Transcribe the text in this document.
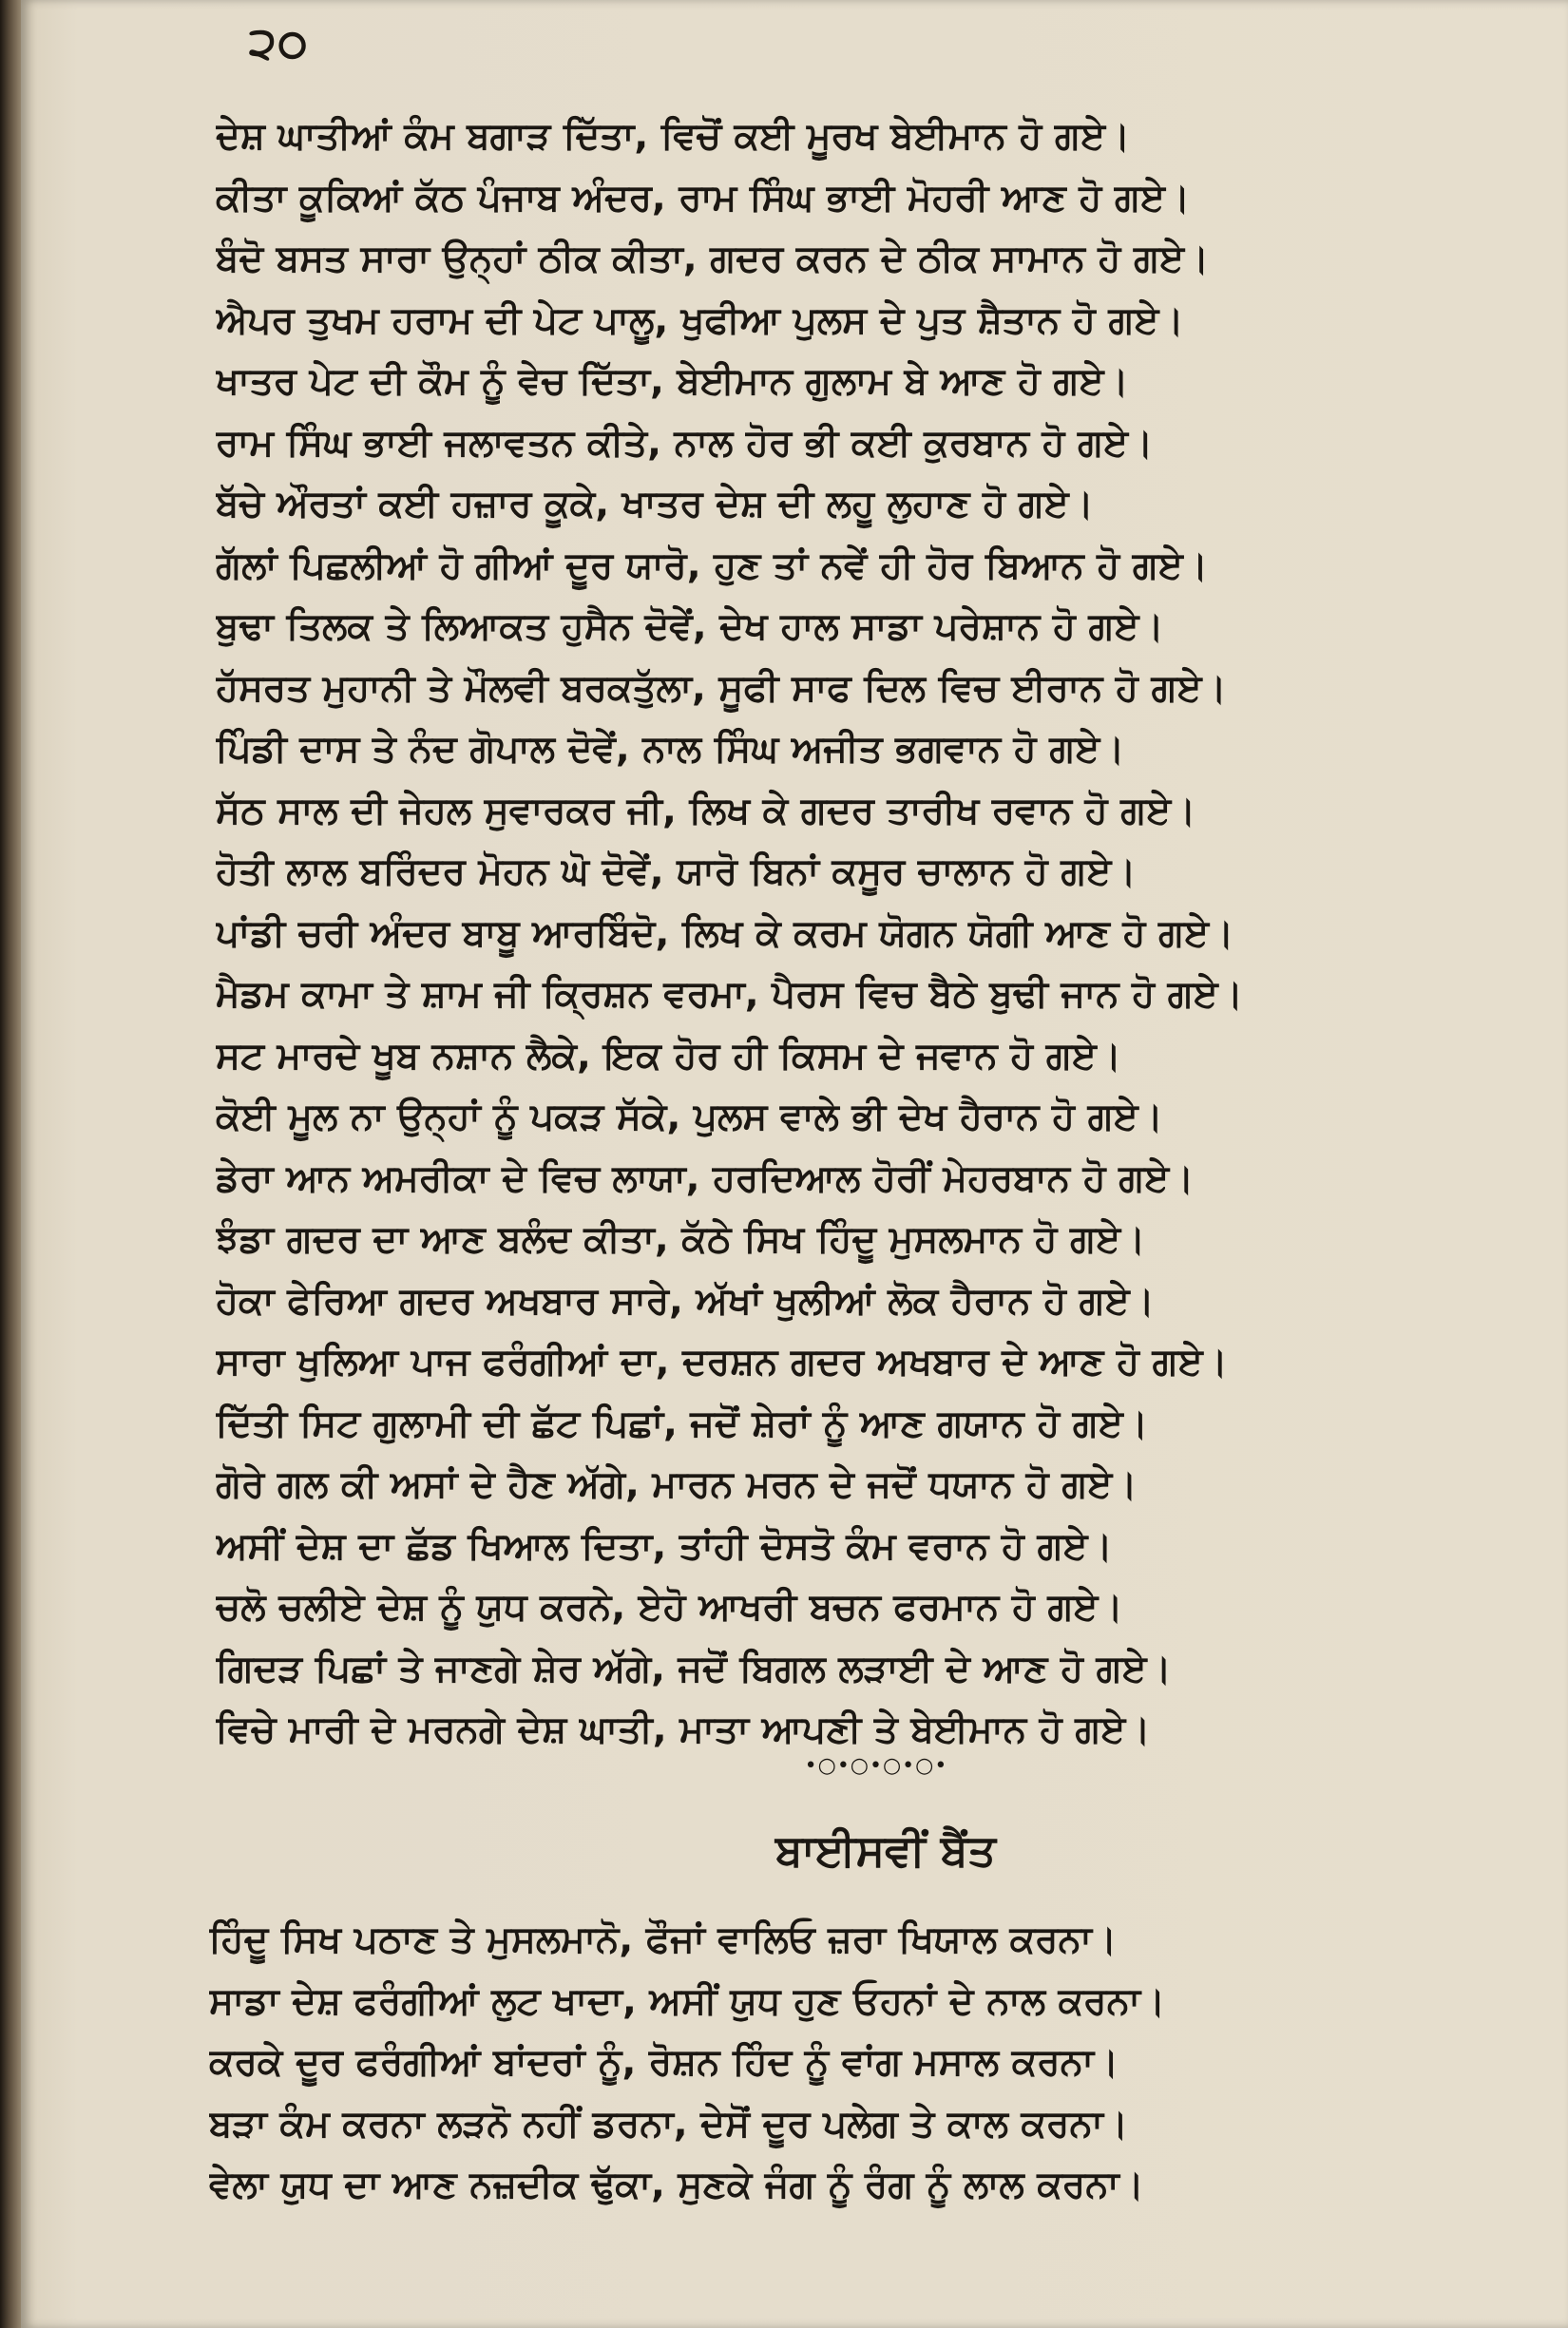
੨੦
ਦੇਸ਼ ਘਾਤੀਆਂ ਕੰਮ ਬਗਾੜ ਦਿੱਤਾ, ਵਿਚੋਂ ਕਈ ਮੂਰਖ ਬੇਈਮਾਨ ਹੋ ਗਏ।
ਕੀਤਾ ਕੂਕਿਆਂ ਕੱਠ ਪੰਜਾਬ ਅੰਦਰ, ਰਾਮ ਸਿੰਘ ਭਾਈ ਮੋਹਰੀ ਆਣ ਹੋ ਗਏ।
ਬੰਦੋ ਬਸਤ ਸਾਰਾ ਉਨ੍ਹਾਂ ਠੀਕ ਕੀਤਾ, ਗਦਰ ਕਰਨ ਦੇ ਠੀਕ ਸਾਮਾਨ ਹੋ ਗਏ।
ਐਪਰ ਤੁਖਮ ਹਰਾਮ ਦੀ ਪੇਟ ਪਾਲੂ, ਖੁਫੀਆ ਪੁਲਸ ਦੇ ਪੁਤ ਸ਼ੈਤਾਨ ਹੋ ਗਏ।
ਖਾਤਰ ਪੇਟ ਦੀ ਕੌਮ ਨੂੰ ਵੇਚ ਦਿੱਤਾ, ਬੇਈਮਾਨ ਗੁਲਾਮ ਬੇ ਆਣ ਹੋ ਗਏ।
ਰਾਮ ਸਿੰਘ ਭਾਈ ਜਲਾਵਤਨ ਕੀਤੇ, ਨਾਲ ਹੋਰ ਭੀ ਕਈ ਕੁਰਬਾਨ ਹੋ ਗਏ।
ਬੱਚੇ ਔਰਤਾਂ ਕਈ ਹਜ਼ਾਰ ਕੂਕੇ, ਖਾਤਰ ਦੇਸ਼ ਦੀ ਲਹੂ ਲੁਹਾਣ ਹੋ ਗਏ।
ਗੱਲਾਂ ਪਿਛਲੀਆਂ ਹੋ ਗੀਆਂ ਦੂਰ ਯਾਰੋ, ਹੁਣ ਤਾਂ ਨਵੇਂ ਹੀ ਹੋਰ ਬਿਆਨ ਹੋ ਗਏ।
ਬੁਢਾ ਤਿਲਕ ਤੇ ਲਿਆਕਤ ਹੁਸੈਨ ਦੋਵੇਂ, ਦੇਖ ਹਾਲ ਸਾਡਾ ਪਰੇਸ਼ਾਨ ਹੋ ਗਏ।
ਹੱਸਰਤ ਮੁਹਾਨੀ ਤੇ ਮੌਲਵੀ ਬਰਕਤੁੱਲਾ, ਸੂਫੀ ਸਾਫ ਦਿਲ ਵਿਚ ਈਰਾਨ ਹੋ ਗਏ।
ਪਿੰਡੀ ਦਾਸ ਤੇ ਨੰਦ ਗੋਪਾਲ ਦੋਵੇਂ, ਨਾਲ ਸਿੰਘ ਅਜੀਤ ਭਗਵਾਨ ਹੋ ਗਏ।
ਸੱਠ ਸਾਲ ਦੀ ਜੇਹਲ ਸੁਵਾਰਕਰ ਜੀ, ਲਿਖ ਕੇ ਗਦਰ ਤਾਰੀਖ ਰਵਾਨ ਹੋ ਗਏ।
ਹੋਤੀ ਲਾਲ ਬਰਿੰਦਰ ਮੋਹਨ ਘੋ ਦੋਵੇਂ, ਯਾਰੋ ਬਿਨਾਂ ਕਸੂਰ ਚਾਲਾਨ ਹੋ ਗਏ।
ਪਾਂਡੀ ਚਰੀ ਅੰਦਰ ਬਾਬੂ ਆਰਬਿੰਦੋ, ਲਿਖ ਕੇ ਕਰਮ ਯੋਗਨ ਯੋਗੀ ਆਣ ਹੋ ਗਏ।
ਮੈਡਮ ਕਾਮਾ ਤੇ ਸ਼ਾਮ ਜੀ ਕ੍ਰਿਸ਼ਨ ਵਰਮਾ, ਪੈਰਸ ਵਿਚ ਬੈਠੇ ਬੁਢੀ ਜਾਨ ਹੋ ਗਏ।
ਸਟ ਮਾਰਦੇ ਖੂਬ ਨਸ਼ਾਨ ਲੈਕੇ, ਇਕ ਹੋਰ ਹੀ ਕਿਸਮ ਦੇ ਜਵਾਨ ਹੋ ਗਏ।
ਕੋਈ ਮੂਲ ਨਾ ਉਨ੍ਹਾਂ ਨੂੰ ਪਕੜ ਸੱਕੇ, ਪੁਲਸ ਵਾਲੇ ਭੀ ਦੇਖ ਹੈਰਾਨ ਹੋ ਗਏ।
ਡੇਰਾ ਆਨ ਅਮਰੀਕਾ ਦੇ ਵਿਚ ਲਾਯਾ, ਹਰਦਿਆਲ ਹੋਰੀਂ ਮੇਹਰਬਾਨ ਹੋ ਗਏ।
ਝੰਡਾ ਗਦਰ ਦਾ ਆਣ ਬਲੰਦ ਕੀਤਾ, ਕੱਠੇ ਸਿਖ ਹਿੰਦੂ ਮੁਸਲਮਾਨ ਹੋ ਗਏ।
ਹੋਕਾ ਫੇਰਿਆ ਗਦਰ ਅਖਬਾਰ ਸਾਰੇ, ਅੱਖਾਂ ਖੁਲੀਆਂ ਲੋਕ ਹੈਰਾਨ ਹੋ ਗਏ।
ਸਾਰਾ ਖੁਲਿਆ ਪਾਜ ਫਰੰਗੀਆਂ ਦਾ, ਦਰਸ਼ਨ ਗਦਰ ਅਖਬਾਰ ਦੇ ਆਣ ਹੋ ਗਏ।
ਦਿੱਤੀ ਸਿਟ ਗੁਲਾਮੀ ਦੀ ਛੱਟ ਪਿਛਾਂ, ਜਦੋਂ ਸ਼ੇਰਾਂ ਨੂੰ ਆਣ ਗਯਾਨ ਹੋ ਗਏ।
ਗੋਰੇ ਗਲ ਕੀ ਅਸਾਂ ਦੇ ਹੈਣ ਅੱਗੇ, ਮਾਰਨ ਮਰਨ ਦੇ ਜਦੋਂ ਧਯਾਨ ਹੋ ਗਏ।
ਅਸੀਂ ਦੇਸ਼ ਦਾ ਛੱਡ ਖਿਆਲ ਦਿਤਾ, ਤਾਂਹੀ ਦੋਸਤੋ ਕੰਮ ਵਰਾਨ ਹੋ ਗਏ।
ਚਲੋ ਚਲੀਏ ਦੇਸ਼ ਨੂੰ ਯੁਧ ਕਰਨੇ, ਏਹੋ ਆਖਰੀ ਬਚਨ ਫਰਮਾਨ ਹੋ ਗਏ।
ਗਿਦੜ ਪਿਛਾਂ ਤੇ ਜਾਣਗੇ ਸ਼ੇਰ ਅੱਗੇ, ਜਦੋਂ ਬਿਗਲ ਲੜਾਈ ਦੇ ਆਣ ਹੋ ਗਏ।
ਵਿਚੇ ਮਾਰੀ ਦੇ ਮਰਨਗੇ ਦੇਸ਼ ਘਾਤੀ, ਮਾਤਾ ਆਪਣੀ ਤੇ ਬੇਈਮਾਨ ਹੋ ਗਏ।
•○•○•○•○•
ਬਾਈਸਵੀਂ ਬੈਂਤ
ਹਿੰਦੂ ਸਿਖ ਪਠਾਣ ਤੇ ਮੁਸਲਮਾਨੋ, ਫੌਜਾਂ ਵਾਲਿਓ ਜ਼ਰਾ ਖਿਯਾਲ ਕਰਨਾ।
ਸਾਡਾ ਦੇਸ਼ ਫਰੰਗੀਆਂ ਲੁਟ ਖਾਦਾ, ਅਸੀਂ ਯੁਧ ਹੁਣ ਓਹਨਾਂ ਦੇ ਨਾਲ ਕਰਨਾ।
ਕਰਕੇ ਦੂਰ ਫਰੰਗੀਆਂ ਬਾਂਦਰਾਂ ਨੂੰ, ਰੋਸ਼ਨ ਹਿੰਦ ਨੂੰ ਵਾਂਗ ਮਸਾਲ ਕਰਨਾ।
ਬੜਾ ਕੰਮ ਕਰਨਾ ਲੜਨੋ ਨਹੀਂ ਡਰਨਾ, ਦੇਸੋਂ ਦੂਰ ਪਲੇਗ ਤੇ ਕਾਲ ਕਰਨਾ।
ਵੇਲਾ ਯੁਧ ਦਾ ਆਣ ਨਜ਼ਦੀਕ ਢੁੱਕਾ, ਸੁਣਕੇ ਜੰਗ ਨੂੰ ਰੰਗ ਨੂੰ ਲਾਲ ਕਰਨਾ।
